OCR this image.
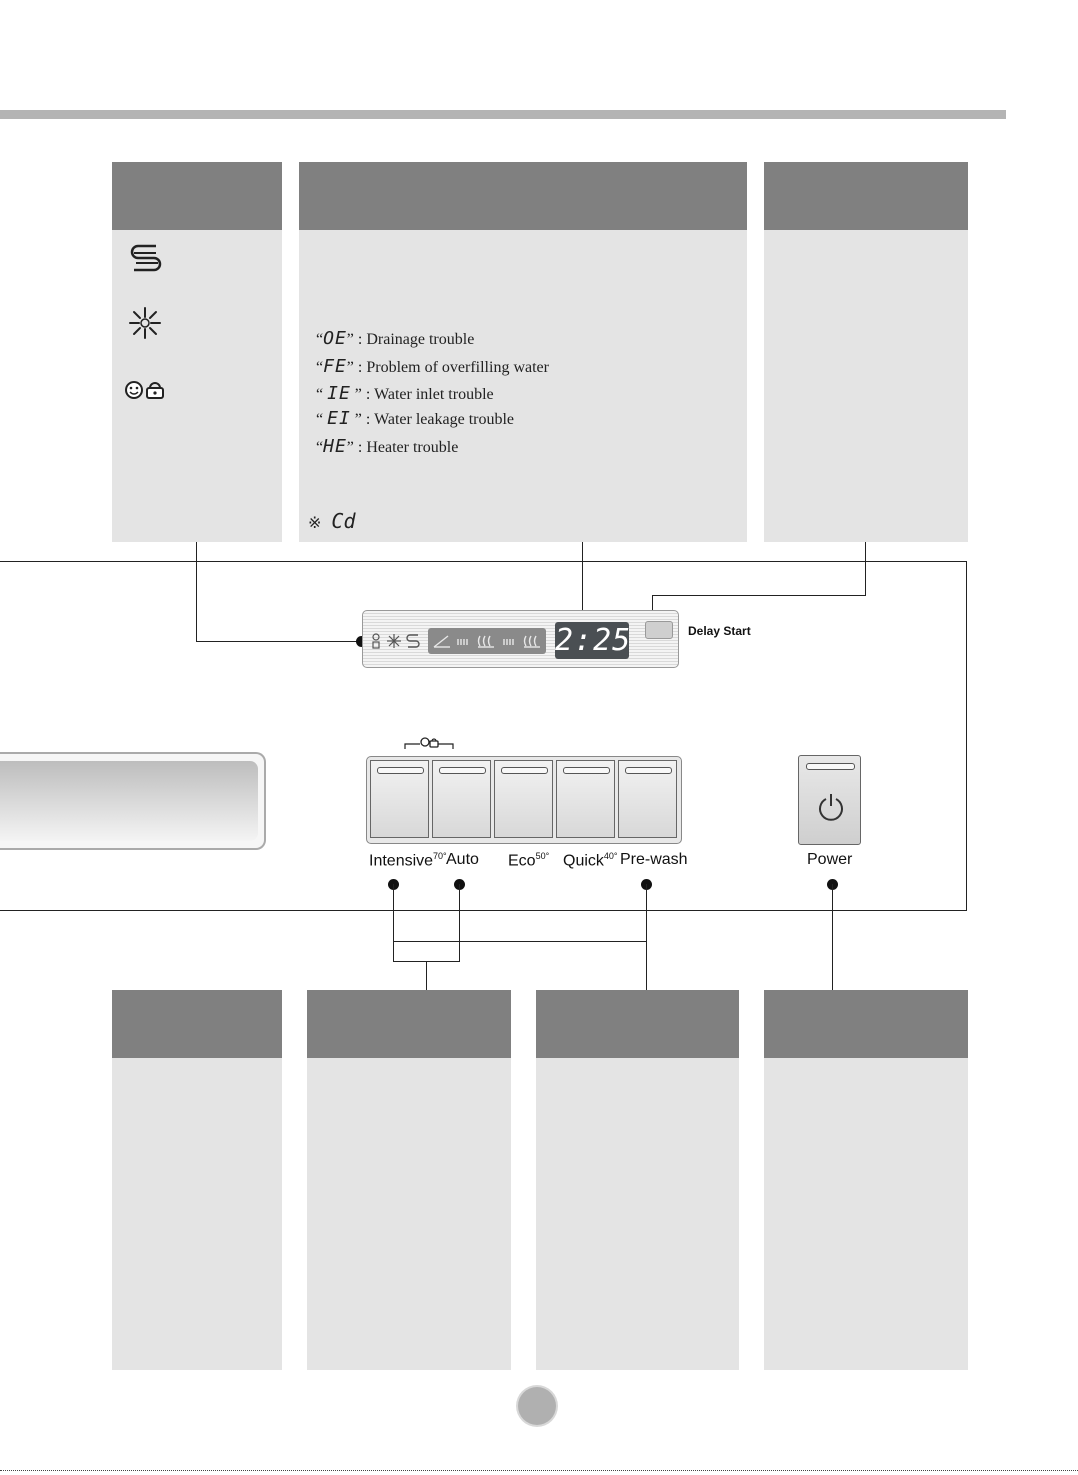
“OE” : Drainage trouble
“FE” : Problem of overfilling water
“ IE ” : Water inlet trouble
“ EI ” : Water leakage trouble
“HE” : Heater trouble
※ Cd
2:25	Delay Start
Intensive$^{70^\circ}$ Auto Eco$^{50^\circ}$ Quick$^{40^\circ}$ Pre-wash	Power
